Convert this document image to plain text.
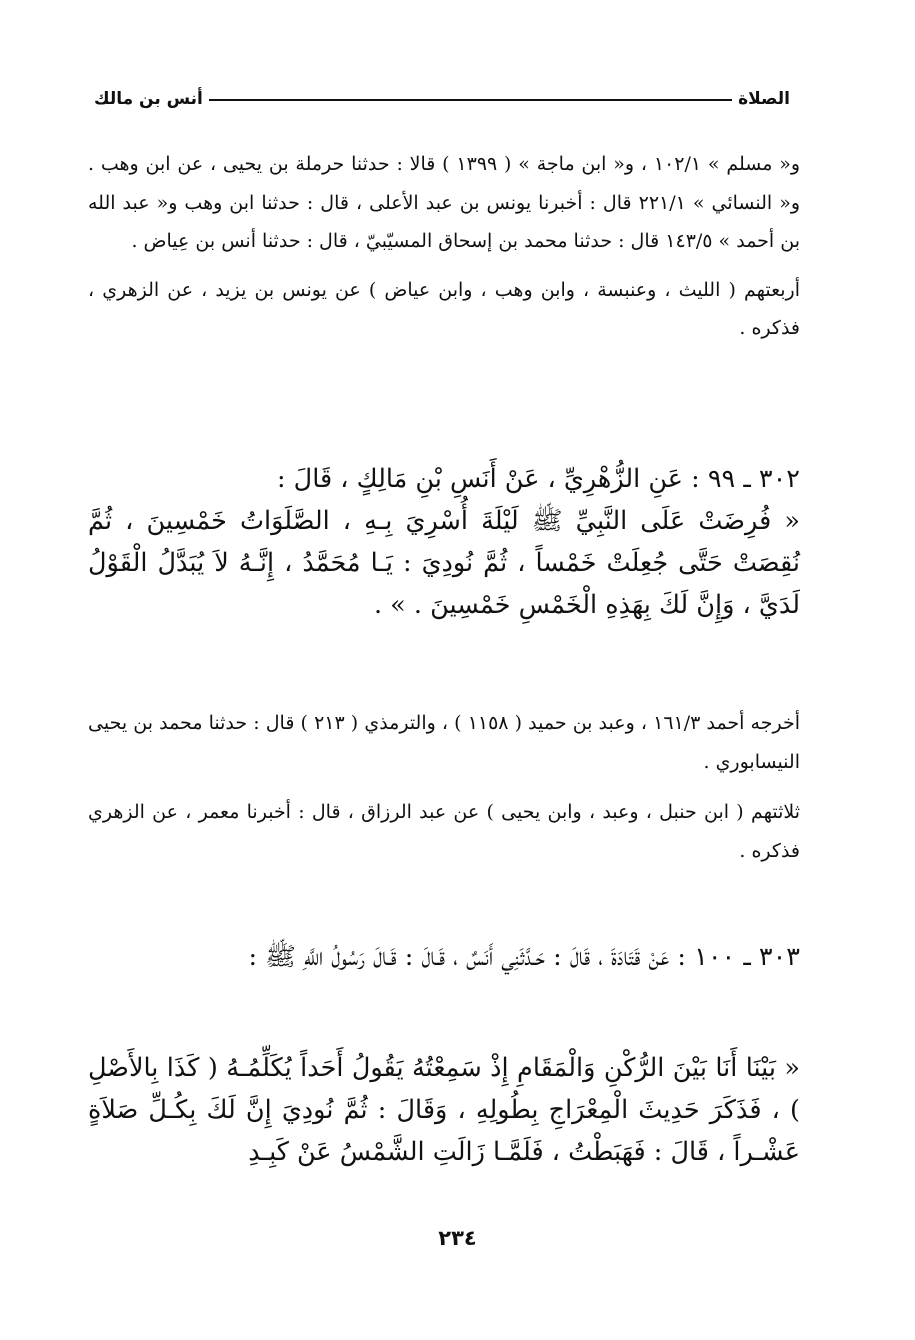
الصلاة
أنس بن مالك

و« مسلم » ١٠٢/١ ، و« ابن ماجة » ( ١٣٩٩ ) قالا : حدثنا حرملة بن يحيى ، عن ابن وهب . و« النسائي » ٢٢١/١ قال : أخبرنا يونس بن عبد الأعلى ، قال : حدثنا ابن وهب و« عبد الله بن أحمد » ١٤٣/٥ قال : حدثنا محمد بن إسحاق المسيّبيّ ، قال : حدثنا أنس بن عِياض .

أربعتهم ( الليث ، وعنبسة ، وابن وهب ، وابن عياض ) عن يونس بن يزيد ، عن الزهري ، فذكره .

٣٠٢ ـ ٩٩ : عَنِ الزُّهْرِيِّ ، عَنْ أَنَسِ بْنِ مَالِكٍ ، قَالَ :

« فُرِضَتْ عَلَى النَّبِيِّ ﷺ لَيْلَةَ أُسْرِيَ بِـهِ ، الصَّلَوَاتُ خَمْسِينَ ، ثُمَّ نُقِصَتْ حَتَّى جُعِلَتْ خَمْساً ، ثُمَّ نُودِيَ : يَـا مُحَمَّدُ ، إِنَّـهُ لاَ يُبَدَّلُ الْقَوْلُ لَدَيَّ ، وَإِنَّ لَكَ بِهَذِهِ الْخَمْسِ خَمْسِينَ . » .

أخرجه أحمد ١٦١/٣ ، وعبد بن حميد ( ١١٥٨ ) ، والترمذي ( ٢١٣ ) قال : حدثنا محمد بن يحيى النيسابوري .

ثلاثتهم ( ابن حنبل ، وعبد ، وابن يحيى ) عن عبد الرزاق ، قال : أخبرنا معمر ، عن الزهري فذكره .

٣٠٣ ـ ١٠٠ : عَنْ قَتَادَةَ ، قَالَ : حَـدَّثَنِي أَنَسٌ ، قَـالَ : قَـالَ رَسُولُ اللَّهِ ﷺ :

« بَيْنَا أَنَا بَيْنَ الرُّكْنِ وَالْمَقَامِ إِذْ سَمِعْتُهُ يَقُولُ أَحَداً يُكَلِّمُـهُ ( كَذَا بِالأَصْلِ ) ، فَذَكَرَ حَدِيثَ الْمِعْرَاجِ بِطُولِهِ ، وَقَالَ : ثُمَّ نُودِيَ إِنَّ لَكَ بِكُـلِّ صَلاَةٍ عَشْـراً ، قَالَ : فَهَبَطْتُ ، فَلَمَّـا زَالَتِ الشَّمْسُ عَنْ كَبِـدِ

٢٣٤
